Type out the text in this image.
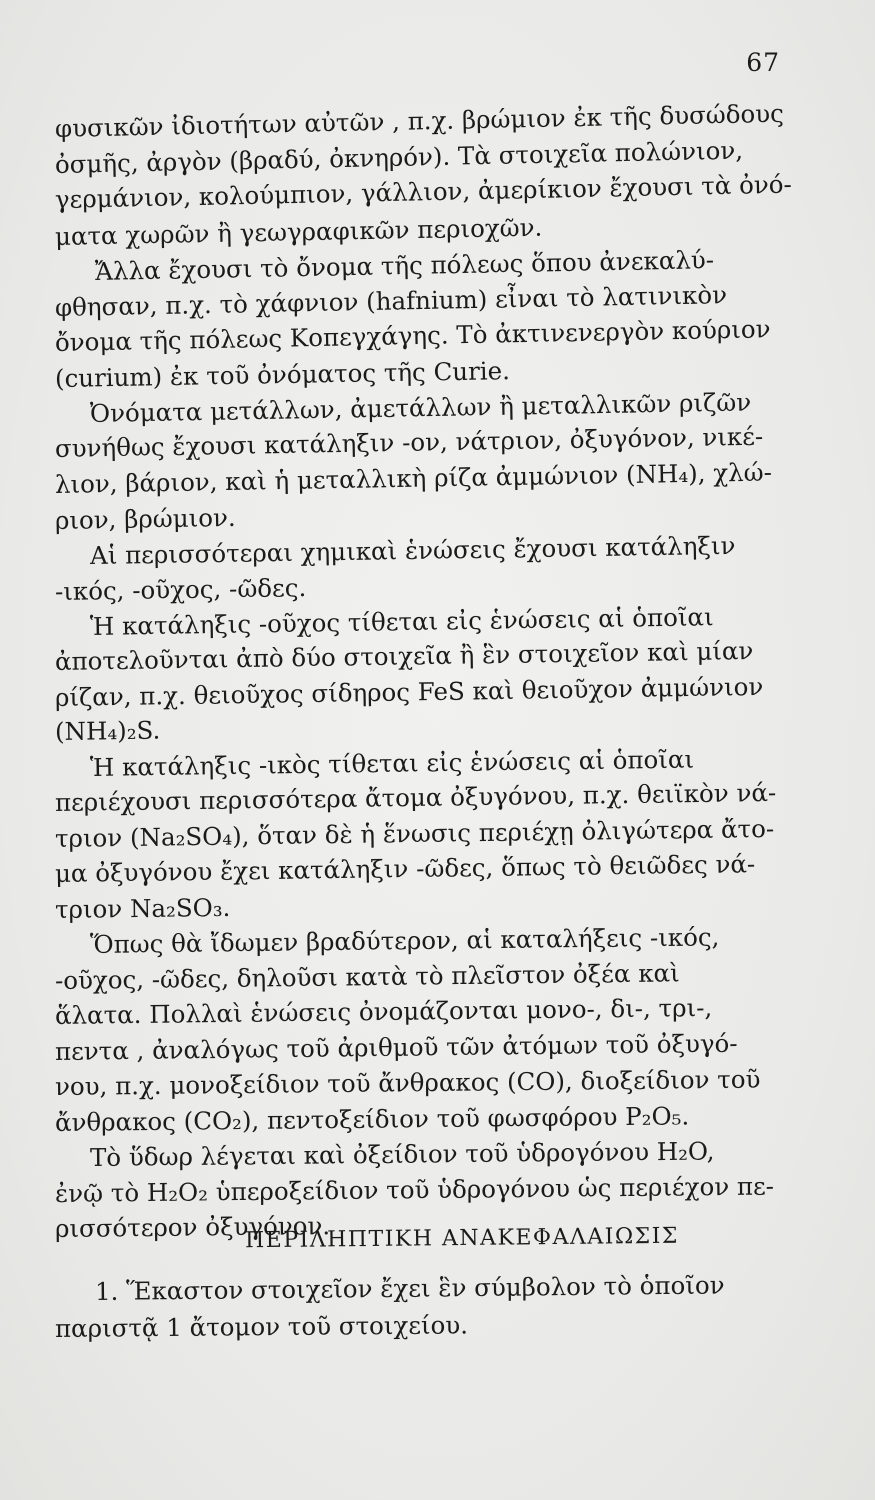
67
φυσικῶν ἰδιοτήτων αὐτῶν , π.χ. βρώμιον ἐκ τῆς δυσώδους
ὀσμῆς, ἀργὸν (βραδύ, ὀκνηρόν). Τὰ στοιχεῖα πολώνιον,
γερμάνιον, κολούμπιον, γάλλιον, ἀμερίκιον ἔχουσι τὰ ὀνό-
ματα χωρῶν ἢ γεωγραφικῶν περιοχῶν.
Ἄλλα ἔχουσι τὸ ὄνομα τῆς πόλεως ὅπου ἀνεκαλύ-
φθησαν, π.χ. τὸ χάφνιον (hafnium) εἶναι τὸ λατινικὸν
ὄνομα τῆς πόλεως Κοπεγχάγης. Τὸ ἀκτινενεργὸν κούριον
(curium) ἐκ τοῦ ὀνόματος τῆς Curie.
Ὀνόματα μετάλλων, ἀμετάλλων ἢ μεταλλικῶν ριζῶν
συνήθως ἔχουσι κατάληξιν -ον, νάτριον, ὀξυγόνον, νικέ-
λιον, βάριον, καὶ ἡ μεταλλικὴ ρίζα ἀμμώνιον (NH₄), χλώ-
ριον, βρώμιον.
Αἱ περισσότεραι χημικαὶ ἑνώσεις ἔχουσι κατάληξιν
-ικός, -οῦχος, -ῶδες.
Ἡ κατάληξις -οῦχος τίθεται εἰς ἑνώσεις αἱ ὁποῖαι
ἀποτελοῦνται ἀπὸ δύο στοιχεῖα ἢ ἓν στοιχεῖον καὶ μίαν
ρίζαν, π.χ. θειοῦχος σίδηρος FeS καὶ θειοῦχον ἀμμώνιον
(NH₄)₂S.
Ἡ κατάληξις -ικὸς τίθεται εἰς ἑνώσεις αἱ ὁποῖαι
περιέχουσι περισσότερα ἄτομα ὀξυγόνου, π.χ. θειϊκὸν νά-
τριον (Na₂SO₄), ὅταν δὲ ἡ ἕνωσις περιέχῃ ὀλιγώτερα ἄτο-
μα ὀξυγόνου ἔχει κατάληξιν -ῶδες, ὅπως τὸ θειῶδες νά-
τριον Na₂SO₃.
Ὅπως θὰ ἴδωμεν βραδύτερον, αἱ καταλήξεις -ικός,
-οῦχος, -ῶδες, δηλοῦσι κατὰ τὸ πλεῖστον ὀξέα καὶ
ἅλατα. Πολλαὶ ἑνώσεις ὀνομάζονται μονο-, δι-, τρι-,
πεντα , ἀναλόγως τοῦ ἀριθμοῦ τῶν ἀτόμων τοῦ ὀξυγό-
νου, π.χ. μονοξείδιον τοῦ ἄνθρακος (CO), διοξείδιον τοῦ
ἄνθρακος (CO₂), πεντοξείδιον τοῦ φωσφόρου P₂O₅.
Τὸ ὕδωρ λέγεται καὶ ὀξείδιον τοῦ ὑδρογόνου H₂O,
ἐνῷ τὸ H₂O₂ ὑπεροξείδιον τοῦ ὑδρογόνου ὡς περιέχον πε-
ρισσότερον ὀξυγόνον.
ΠΕΡΙΛΗΠΤΙΚΗ ΑΝΑΚΕΦΑΛΑΙΩΣΙΣ
1. Ἕκαστον στοιχεῖον ἔχει ἓν σύμβολον τὸ ὁποῖον
παριστᾷ 1 ἄτομον τοῦ στοιχείου.
